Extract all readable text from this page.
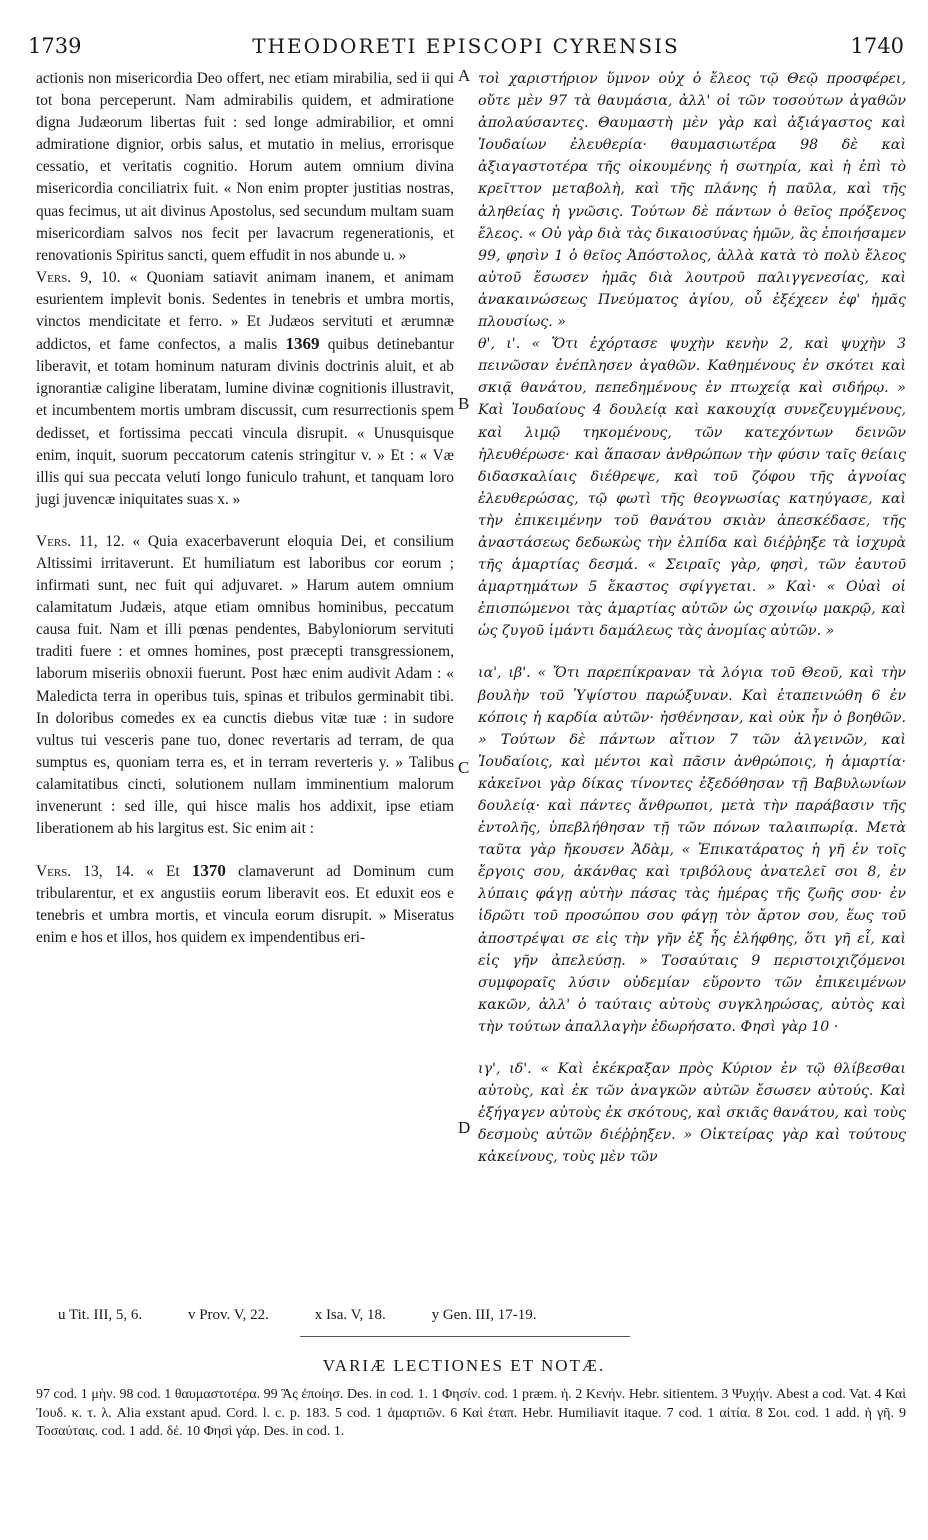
1739	THEODORETI EPISCOPI CYRENSIS	1740

actionis non misericordia Deo offert, nec etiam mirabilia, sed ii qui tot bona perceperunt. Nam admirabilis quidem, et admiratione digna Judæorum libertas fuit : sed longe admirabilior, et omni admiratione dignior, orbis salus, et mutatio in melius, errorisque cessatio, et veritatis cognitio. Horum autem omnium divina misericordia conciliatrix fuit. « Non enim propter justitias nostras, quas fecimus, ut ait divinus Apostolus, sed secundum multam suam misericordiam salvos nos fecit per lavacrum regenerationis, et renovationis Spiritus sancti, quem effudit in nos abunde u. »

Vers. 9, 10. « Quoniam satiavit animam inanem, et animam esurientem implevit bonis. Sedentes in tenebris et umbra mortis, vinctos mendicitate et ferro. » Et Judæos servituti et ærumnæ addictos, et fame confectos, a malis 1369 quibus detinebantur liberavit, et totam hominum naturam divinis doctrinis aluit, et ab ignorantiæ caligine liberatam, lumine divinæ cognitionis illustravit, et incumbentem mortis umbram discussit, cum resurrectionis spem dedisset, et fortissima peccati vincula disrupit. « Unusquisque enim, inquit, suorum peccatorum catenis stringitur v. » Et : « Væ illis qui sua peccata veluti longo funiculo trahunt, et tanquam loro jugi juvencæ iniquitates suas x. »

Vers. 11, 12. « Quia exacerbaverunt eloquia Dei, et consilium Altissimi irritaverunt. Et humiliatum est laboribus cor eorum ; infirmati sunt, nec fuit qui adjuvaret. » Harum autem omnium calamitatum Judæis, atque etiam omnibus hominibus, peccatum causa fuit. Nam et illi pœnas pendentes, Babyloniorum servituti traditi fuere : et omnes homines, post præcepti transgressionem, laborum miseriis obnoxii fuerunt. Post hæc enim audivit Adam : « Maledicta terra in operibus tuis, spinas et tribulos germinabit tibi. In doloribus comedes ex ea cunctis diebus vitæ tuæ : in sudore vultus tui vesceris pane tuo, donec revertaris ad terram, de qua sumptus es, quoniam terra es, et in terram reverteris y. » Talibus calamitatibus cincti, solutionem nullam imminentium malorum invenerunt : sed ille, qui hisce malis hos addixit, ipse etiam liberationem ab his largitus est. Sic enim ait :

Vers. 13, 14. « Et 1370 clamaverunt ad Dominum cum tribularentur, et ex angustiis eorum liberavit eos. Et eduxit eos e tenebris et umbra mortis, et vincula eorum disrupit. » Miseratus enim e hos et illos, hos quidem ex impendentibus eri-

A
B
C
D

τοὶ χαριστήριον ὕμνον οὐχ ὁ ἔλεος τῷ Θεῷ προσφέρει, οὔτε μὲν 97 τὰ θαυμάσια, ἀλλ' οἱ τῶν τοσούτων ἀγαθῶν ἀπολαύσαντες. Θαυμαστὴ μὲν γὰρ καὶ ἀξιάγαστος καὶ Ἰουδαίων ἐλευθερία· θαυμασιωτέρα 98 δὲ καὶ ἀξιαγαστοτέρα τῆς οἰκουμένης ἡ σωτηρία, καὶ ἡ ἐπὶ τὸ κρεῖττον μεταβολὴ, καὶ τῆς πλάνης ἡ παῦλα, καὶ τῆς ἀληθείας ἡ γνῶσις. Τούτων δὲ πάντων ὁ θεῖος πρόξενος ἔλεος. « Οὐ γὰρ διὰ τὰς δικαιοσύνας ἡμῶν, ἃς ἐποιήσαμεν 99, φησὶν 1 ὁ θεῖος Ἀπόστολος, ἀλλὰ κατὰ τὸ πολὺ ἔλεος αὐτοῦ ἔσωσεν ἡμᾶς διὰ λουτροῦ παλιγγενεσίας, καὶ ἀνακαινώσεως Πνεύματος ἁγίου, οὗ ἐξέχεεν ἐφ' ἡμᾶς πλουσίως. »

θ', ι'. « Ὅτι ἐχόρτασε ψυχὴν κενὴν 2, καὶ ψυχὴν 3 πεινῶσαν ἐνέπλησεν ἀγαθῶν. Καθημένους ἐν σκότει καὶ σκιᾷ θανάτου, πεπεδημένους ἐν πτωχείᾳ καὶ σιδήρῳ. » Καὶ Ἰουδαίους 4 δουλείᾳ καὶ κακουχίᾳ συνεζευγμένους, καὶ λιμῷ τηκομένους, τῶν κατεχόντων δεινῶν ἠλευθέρωσε· καὶ ἅπασαν ἀνθρώπων τὴν φύσιν ταῖς θείαις διδασκαλίαις διέθρεψε, καὶ τοῦ ζόφου τῆς ἀγνοίας ἐλευθερώσας, τῷ φωτὶ τῆς θεογνωσίας κατηύγασε, καὶ τὴν ἐπικειμένην τοῦ θανάτου σκιὰν ἀπεσκέδασε, τῆς ἀναστάσεως δεδωκὼς τὴν ἐλπίδα καὶ διέῤῥηξε τὰ ἰσχυρὰ τῆς ἁμαρτίας δεσμά. « Σειραῖς γὰρ, φησὶ, τῶν ἑαυτοῦ ἁμαρτημάτων 5 ἕκαστος σφίγγεται. » Καὶ· « Οὐαὶ οἱ ἐπισπώμενοι τὰς ἁμαρτίας αὐτῶν ὡς σχοινίῳ μακρῷ, καὶ ὡς ζυγοῦ ἱμάντι δαμάλεως τὰς ἀνομίας αὐτῶν. »

ια', ιβ'. « Ὅτι παρεπίκραναν τὰ λόγια τοῦ Θεοῦ, καὶ τὴν βουλὴν τοῦ Ὑψίστου παρώξυναν. Καὶ ἐταπεινώθη 6 ἐν κόποις ἡ καρδία αὐτῶν· ἠσθένησαν, καὶ οὐκ ἦν ὁ βοηθῶν. » Τούτων δὲ πάντων αἴτιον 7 τῶν ἀλγεινῶν, καὶ Ἰουδαίοις, καὶ μέντοι καὶ πᾶσιν ἀνθρώποις, ἡ ἁμαρτία· κἀκεῖνοι γὰρ δίκας τίνοντες ἐξεδόθησαν τῇ Βαβυλωνίων δουλείᾳ· καὶ πάντες ἄνθρωποι, μετὰ τὴν παράβασιν τῆς ἐντολῆς, ὑπεβλήθησαν τῇ τῶν πόνων ταλαιπωρίᾳ. Μετὰ ταῦτα γὰρ ἤκουσεν Ἀδὰμ, « Ἐπικατάρατος ἡ γῆ ἐν τοῖς ἔργοις σου, ἀκάνθας καὶ τριβόλους ἀνατελεῖ σοι 8, ἐν λύπαις φάγῃ αὐτὴν πάσας τὰς ἡμέρας τῆς ζωῆς σου· ἐν ἱδρῶτι τοῦ προσώπου σου φάγῃ τὸν ἄρτον σου, ἕως τοῦ ἀποστρέψαι σε εἰς τὴν γῆν ἐξ ἧς ἐλήφθης, ὅτι γῆ εἶ, καὶ εἰς γῆν ἀπελεύσῃ. » Τοσαύταις 9 περιστοιχιζόμενοι συμφοραῖς λύσιν οὐδεμίαν εὕροντο τῶν ἐπικειμένων κακῶν, ἀλλ' ὁ ταύταις αὐτοὺς συγκληρώσας, αὐτὸς καὶ τὴν τούτων ἀπαλλαγὴν ἐδωρήσατο. Φησὶ γὰρ 10 ·

ιγ', ιδ'. « Καὶ ἐκέκραξαν πρὸς Κύριον ἐν τῷ θλίβεσθαι αὐτοὺς, καὶ ἐκ τῶν ἀναγκῶν αὐτῶν ἔσωσεν αὐτούς. Καὶ ἐξήγαγεν αὐτοὺς ἐκ σκότους, καὶ σκιᾶς θανάτου, καὶ τοὺς δεσμοὺς αὐτῶν διέῤῥηξεν. » Οἰκτείρας γὰρ καὶ τούτους κἀκείνους, τοὺς μὲν τῶν

u Tit. III, 5, 6.	v Prov. V, 22.	x Isa. V, 18.	y Gen. III, 17-19.
VARIÆ LECTIONES ET NOTÆ.
97 cod. 1 μὴν. 98 cod. 1 θαυμαστοτέρα. 99 Ἃς ἐποίησ. Des. in cod. 1. 1 Φησίν. cod. 1 præm. ἡ. 2 Κενήν. Hebr. sitientem. 3 Ψυχήν. Abest a cod. Vat. 4 Καὶ Ἰουδ. κ. τ. λ. Alia exstant apud. Cord. l. c. p. 183. 5 cod. 1 ἁμαρτιῶν. 6 Καὶ ἐταπ. Hebr. Humiliavit itaque. 7 cod. 1 αἰτία. 8 Σοι. cod. 1 add. ἡ γῆ. 9 Τοσαύταις. cod. 1 add. δέ. 10 Φησὶ γάρ. Des. in cod. 1.
